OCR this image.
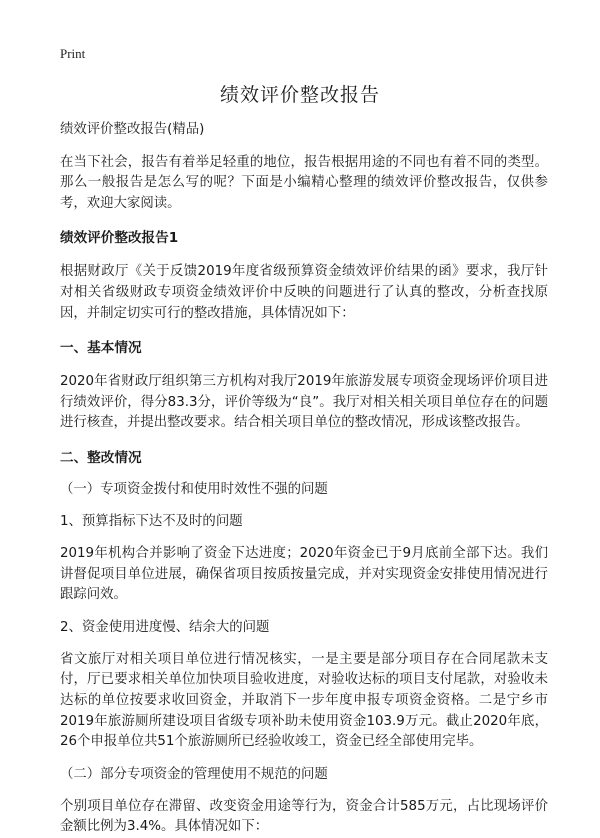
Print
绩效评价整改报告

绩效评价整改报告(精品)

在当下社会，报告有着举足轻重的地位，报告根据用途的不同也有着不同的类型。那么一般报告是怎么写的呢？下面是小编精心整理的绩效评价整改报告，仅供参考，欢迎大家阅读。

绩效评价整改报告1

根据财政厅《关于反馈2019年度省级预算资金绩效评价结果的函》要求，我厅针对相关省级财政专项资金绩效评价中反映的问题进行了认真的整改，分析查找原因，并制定切实可行的整改措施，具体情况如下：

一、基本情况

2020年省财政厅组织第三方机构对我厅2019年旅游发展专项资金现场评价项目进行绩效评价，得分83.3分，评价等级为“良”。我厅对相关相关项目单位存在的问题进行核查，并提出整改要求。结合相关项目单位的整改情况，形成该整改报告。

二、整改情况

（一）专项资金拨付和使用时效性不强的问题

1、预算指标下达不及时的问题

2019年机构合并影响了资金下达进度；2020年资金已于9月底前全部下达。我们讲督促项目单位进展，确保省项目按质按量完成，并对实现资金安排使用情况进行跟踪问效。

2、资金使用进度慢、结余大的问题

省文旅厅对相关项目单位进行情况核实，一是主要是部分项目存在合同尾款未支付，厅已要求相关单位加快项目验收进度，对验收达标的项目支付尾款，对验收未达标的单位按要求收回资金，并取消下一步年度申报专项资金资格。二是宁乡市2019年旅游厕所建设项目省级专项补助未使用资金103.9万元。截止2020年底，26个申报单位共51个旅游厕所已经验收竣工，资金已经全部使用完毕。

（二）部分专项资金的管理使用不规范的问题

个别项目单位存在滞留、改变资金用途等行为，资金合计585万元，占比现场评价金额比例为3.4%。具体情况如下：
